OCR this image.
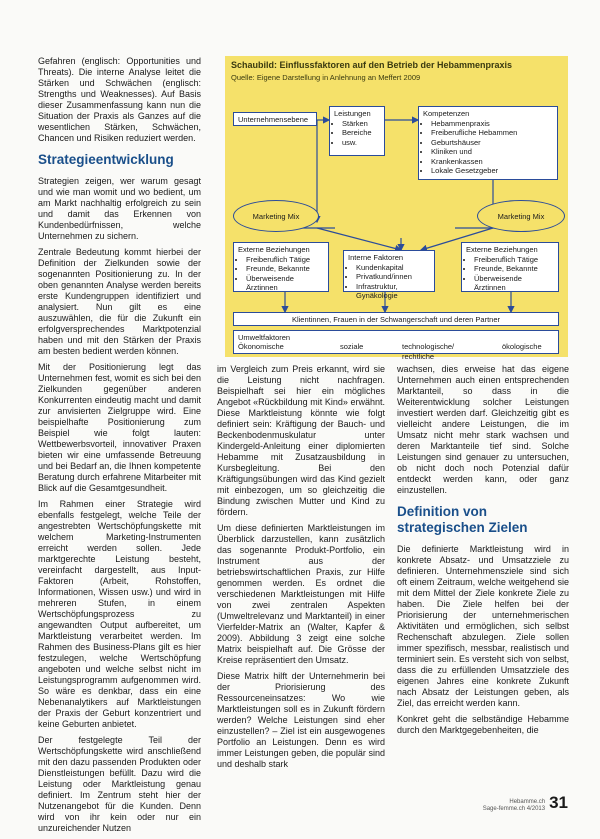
Gefahren (englisch: Opportunities und Threats). Die interne Analyse leitet die Stärken und Schwächen (englisch: Strengths und Weaknesses). Auf Basis dieser Zusammenfassung kann nun die Situation der Praxis als Ganzes auf die wesentlichen Stärken, Schwächen, Chancen und Risiken reduziert werden.

Strategieentwicklung

Strategien zeigen, wer warum gesagt und wie man womit und wo bedient, um am Markt nachhaltig erfolgreich zu sein und damit das Erkennen von Kundenbedürfnissen, welche Unternehmen zu sichern.

Zentrale Bedeutung kommt hierbei der Definition der Zielkunden sowie der sogenannten Positionierung zu. In der oben genannten Analyse werden bereits erste Kundengruppen identifiziert und analysiert. Nun gilt es eine auszuwählen, die für die Zukunft ein erfolgversprechendes Marktpotenzial haben und mit den Stärken der Praxis am besten bedient werden können.

Mit der Positionierung legt das Unternehmen fest, womit es sich bei den Zielkunden gegenüber anderen Konkurrenten eindeutig macht und damit zur anvisierten Zielgruppe wird. Eine beispielhafte Positionierung zum Beispiel wie folgt lauten: Wettbewerbsvorteil, innovativer Praxen bieten wir eine umfassende Betreuung und bei Bedarf an, die Ihnen kompetente Beratung durch erfahrene Mitarbeiter mit Blick auf die Gesamtgesundheit.

Im Rahmen einer Strategie wird ebenfalls festgelegt, welche Teile der angestrebten Wertschöpfungskette mit welchem Marketing-Instrumenten erreicht werden sollen. Jede marktgerechte Leistung besteht, vereinfacht dargestellt, aus Input-Faktoren (Arbeit, Rohstoffen, Informationen, Wissen usw.) und wird in mehreren Stufen, in einem Wertschöpfungsprozess zu angewandten Output aufbereitet, um Marktleistung verarbeitet werden. Im Rahmen des Business-Plans gilt es hier festzulegen, welche Wertschöpfung angeboten und welche selbst nicht im Leistungsprogramm aufgenommen wird. So wäre es denkbar, dass ein eine Nebenanalytikers auf Marktleistungen der Praxis der Geburt konzentriert und keine Geburten anbietet.

Der festgelegte Teil der Wertschöpfungskette wird anschließend mit den dazu passenden Produkten oder Dienstleistungen befüllt. Dazu wird die Leistung oder Marktleistung genau definiert. Im Zentrum steht hier der Nutzenangebot für die Kunden. Denn wird von ihr kein oder nur ein unzureichender Nutzen

Schaubild: Einflussfaktoren auf den Betrieb der Hebammenpraxis
Quelle: Eigene Darstellung in Anlehnung an Meffert 2009
Unternehmensebene
Leistungen
• Stärken
• Bereiche
• usw.
Kompetenzen
• Hebammenpraxis
• Freiberufliche Hebammen
• Geburtshäuser
• Kliniken und
• Krankenkassen
• Lokale Gesetzgeber
Marketing Mix	Marketing Mix
Externe Beziehungen
• Freiberuflich Tätige
• Freunde, Bekannte
• Überweisende Ärztinnen
Interne Faktoren
• Kundenkapital
• Privatkund/innen
• Infrastruktur, Gynäkologie
Externe Beziehungen
• Freiberuflich Tätige
• Freunde, Bekannte
• Überweisende Ärztinnen
Klientinnen, Frauen in der Schwangerschaft und deren Partner
Umweltfaktoren
Ökonomische	soziale	technologische/ rechtliche
ökologische

im Vergleich zum Preis erkannt, wird sie die Leistung nicht nachfragen. Beispielhaft sei hier ein mögliches Angebot «Rückbildung mit Kind» erwähnt. Diese Marktleistung könnte wie folgt definiert sein: Kräftigung der Bauch- und Beckenbodenmuskulatur unter Kindergeld-Anleitung einer diplomierten Hebamme mit Zusatzausbildung in Kursbegleitung. Bei den Kräftigungsübungen wird das Kind gezielt mit einbezogen, um so gleichzeitig die Bindung zwischen Mutter und Kind zu fördern.

Um diese definierten Marktleistungen im Überblick darzustellen, kann zusätzlich das sogenannte Produkt-Portfolio, ein Instrument aus der betriebswirtschaftlichen Praxis, zur Hilfe genommen werden. Es ordnet die verschiedenen Marktleistungen mit Hilfe von zwei zentralen Aspekten (Umweltrelevanz und Marktanteil) in einer Vierfelder-Matrix an (Walter, Kapfer & 2009). Abbildung 3 zeigt eine solche Matrix beispielhaft auf. Die Grösse der Kreise repräsentiert den Umsatz.

Diese Matrix hilft der Unternehmerin bei der Priorisierung des Ressourceneinsatzes: Wo wie Marktleistungen soll es in Zukunft fördern werden? Welche Leistungen sind eher einzustellen? – Ziel ist ein ausgewogenes Portfolio an Leistungen. Denn es wird immer Leistungen geben, die populär sind und deshalb stark

wachsen, dies erweise hat das eigene Unternehmen auch einen entsprechenden Marktanteil, so dass in die Weiterentwicklung solcher Leistungen investiert werden darf. Gleichzeitig gibt es vielleicht andere Leistungen, die im Umsatz nicht mehr stark wachsen und deren Marktanteile tief sind. Solche Leistungen sind genauer zu untersuchen, ob nicht doch noch Potenzial dafür entdeckt werden kann, oder ganz einzustellen.

Definition von strategischen Zielen

Die definierte Marktleistung wird in konkrete Absatz- und Umsatzziele zu definieren. Unternehmensziele sind sich oft einem Zeitraum, welche weitgehend sie mit dem Mittel der Ziele konkrete Ziele zu haben. Die Ziele helfen bei der Priorisierung der unternehmerischen Aktivitäten und ermöglichen, sich selbst Rechenschaft abzulegen. Ziele sollen immer spezifisch, messbar, realistisch und terminiert sein. Es versteht sich von selbst, dass die zu erfüllenden Umsatzziele des eigenen Jahres eine konkrete Zukunft nach Absatz der Leistungen geben, als Ziel, das erreicht werden kann.

Konkret geht die selbständige Hebamme durch den Marktgegebenheiten, die

Hebamme.ch
Sage-femme.ch 4/2013 31
